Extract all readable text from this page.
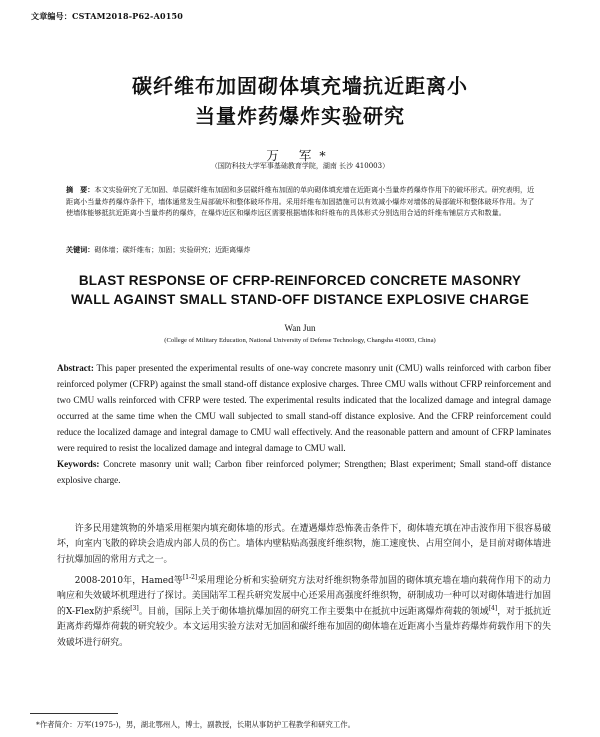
文章编号：CSTAM2018-P62-A0150
碳纤维布加固砌体填充墙抗近距离小
当量炸药爆炸实验研究
万 军*
（国防科技大学军事基础教育学院，湖南 长沙 410003）
摘　要：本文实验研究了无加固、单层碳纤维布加固和多层碳纤维布加固的单向砌体填充墙在近距离小当量炸药爆炸作用下的破坏形式。研究表明，近距离小当量炸药爆炸条件下，墙体通常发生局部破坏和整体破坏作用。采用纤维布加固措施可以有效减小爆炸对墙体的局部破坏和整体破坏作用。为了使墙体能够抵抗近距离小当量炸药的爆炸，在爆炸近区和爆炸远区需要根据墙体和纤维布的具体形式分别选用合适的纤维布铺层方式和数量。
关键词：砌体墙；碳纤维布；加固；实验研究；近距离爆炸
BLAST RESPONSE OF CFRP-REINFORCED CONCRETE MASONRY
WALL AGAINST SMALL STAND-OFF DISTANCE EXPLOSIVE CHARGE
Wan Jun
(College of Military Education, National University of Defense Technology, Changsha 410003, China)
Abstract: This paper presented the experimental results of one-way concrete masonry unit (CMU) walls reinforced with carbon fiber reinforced polymer (CFRP) against the small stand-off distance explosive charges. Three CMU walls without CFRP reinforcement and two CMU walls reinforced with CFRP were tested. The experimental results indicated that the localized damage and integral damage occurred at the same time when the CMU wall subjected to small stand-off distance explosive. And the CFRP reinforcement could reduce the localized damage and integral damage to CMU wall effectively. And the reasonable pattern and amount of CFRP laminates were required to resist the localized damage and integral damage to CMU wall.
Keywords: Concrete masonry unit wall; Carbon fiber reinforced polymer; Strengthen; Blast experiment; Small stand-off distance explosive charge.
许多民用建筑物的外墙采用框架内填充砌体墙的形式。在遭遇爆炸恐怖袭击条件下，砌体墙充填在冲击波作用下很容易破坏，向室内飞散的碎块会造成内部人员的伤亡。墙体内壁粘贴高强度纤维织物，施工速度快、占用空间小，是目前对砌体墙进行抗爆加固的常用方式之一。
2008-2010年，Hamed等[1-2]采用理论分析和实验研究方法对纤维织物条带加固的砌体填充墙在墙向载荷作用下的动力响应和失效破坏机理进行了探讨。美国陆军工程兵研究发展中心还采用高强度纤维织物，研制成功一种可以对砌体墙进行加固的X-Flex防护系统[3]。目前，国际上关于砌体墙抗爆加固的研究工作主要集中在抵抗中远距离爆炸荷载的领域[4]，对于抵抗近距离炸药爆炸荷载的研究较少。本文运用实验方法对无加固和碳纤维布加固的砌体墙在近距离小当量炸药爆炸荷载作用下的失效破坏进行研究。
*作者简介：万军(1975-)，男，湖北鄂州人，博士，副教授，长期从事防护工程教学和研究工作。
